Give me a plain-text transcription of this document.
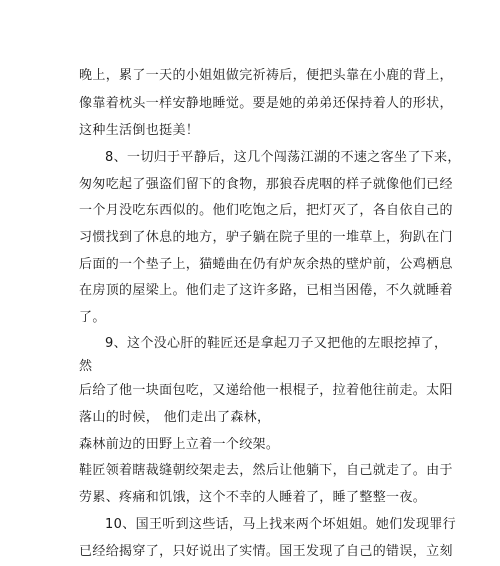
晚上，累了一天的小姐姐做完祈祷后，便把头靠在小鹿的背上，
像靠着枕头一样安静地睡觉。要是她的弟弟还保持着人的形状，
这种生活倒也挺美！
8、一切归于平静后，这几个闯荡江湖的不速之客坐了下来，
匆匆吃起了强盗们留下的食物，那狼吞虎咽的样子就像他们已经
一个月没吃东西似的。他们吃饱之后，把灯灭了，各自依自己的
习惯找到了休息的地方，驴子躺在院子里的一堆草上，狗趴在门
后面的一个垫子上，猫蜷曲在仍有炉灰余热的壁炉前，公鸡栖息
在房顶的屋梁上。他们走了这许多路，已相当困倦，不久就睡着
了。
9、这个没心肝的鞋匠还是拿起刀子又把他的左眼挖掉了，
然
后给了他一块面包吃，又递给他一根棍子，拉着他往前走。太阳
落山的时候， 他们走出了森林，
森林前边的田野上立着一个绞架。
鞋匠领着瞎裁缝朝绞架走去，然后让他躺下，自己就走了。由于
劳累、疼痛和饥饿，这个不幸的人睡着了，睡了整整一夜。
10、国王听到这些话，马上找来两个坏姐姐。她们发现罪行
已经给揭穿了，只好说出了实情。国王发现了自己的错误，立刻
